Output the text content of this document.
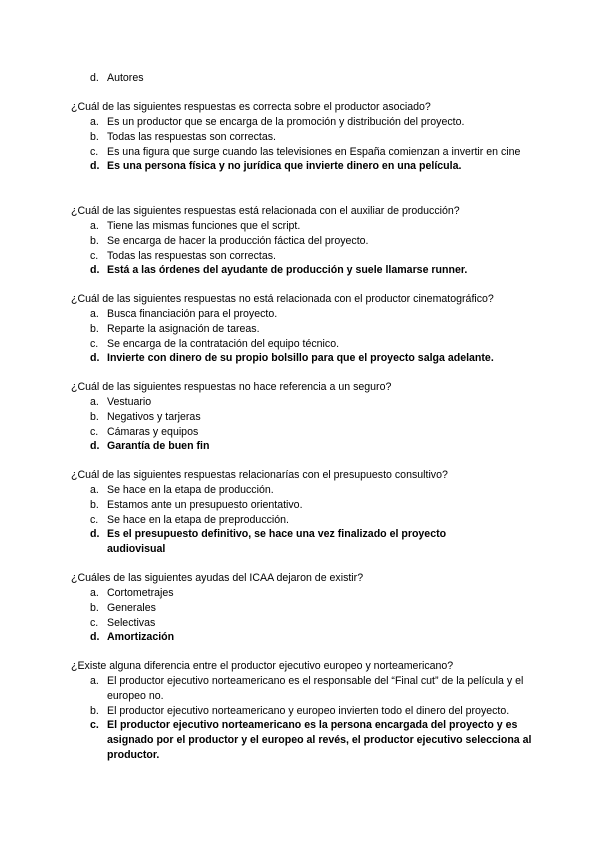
d. Autores
¿Cuál de las siguientes respuestas es correcta sobre el productor asociado?
a. Es un productor que se encarga de la promoción y distribución del proyecto.
b. Todas las respuestas son correctas.
c. Es una figura que surge cuando las televisiones en España comienzan a invertir en cine
d. Es una persona física y no jurídica que invierte dinero en una película.
¿Cuál de las siguientes respuestas está relacionada con el auxiliar de producción?
a. Tiene las mismas funciones que el script.
b. Se encarga de hacer la producción fáctica del proyecto.
c. Todas las respuestas son correctas.
d. Está a las órdenes del ayudante de producción y suele llamarse runner.
¿Cuál de las siguientes respuestas no está relacionada con el productor cinematográfico?
a. Busca financiación para el proyecto.
b. Reparte la asignación de tareas.
c. Se encarga de la contratación del equipo técnico.
d. Invierte con dinero de su propio bolsillo para que el proyecto salga adelante.
¿Cuál de las siguientes respuestas no hace referencia a un seguro?
a. Vestuario
b. Negativos y tarjeras
c. Cámaras y equipos
d. Garantía de buen fin
¿Cuál de las siguientes respuestas relacionarías con el presupuesto consultivo?
a. Se hace en la etapa de producción.
b. Estamos ante un presupuesto orientativo.
c. Se hace en la etapa de preproducción.
d. Es el presupuesto definitivo, se hace una vez finalizado el proyecto audiovisual
¿Cuáles de las siguientes ayudas del ICAA dejaron de existir?
a. Cortometrajes
b. Generales
c. Selectivas
d. Amortización
¿Existe alguna diferencia entre el productor ejecutivo europeo y norteamericano?
a. El productor ejecutivo norteamericano es el responsable del “Final cut” de la película y el europeo no.
b. El productor ejecutivo norteamericano y europeo invierten todo el dinero del proyecto.
c. El productor ejecutivo norteamericano es la persona encargada del proyecto y es asignado por el productor y el europeo al revés, el productor ejecutivo selecciona al productor.
